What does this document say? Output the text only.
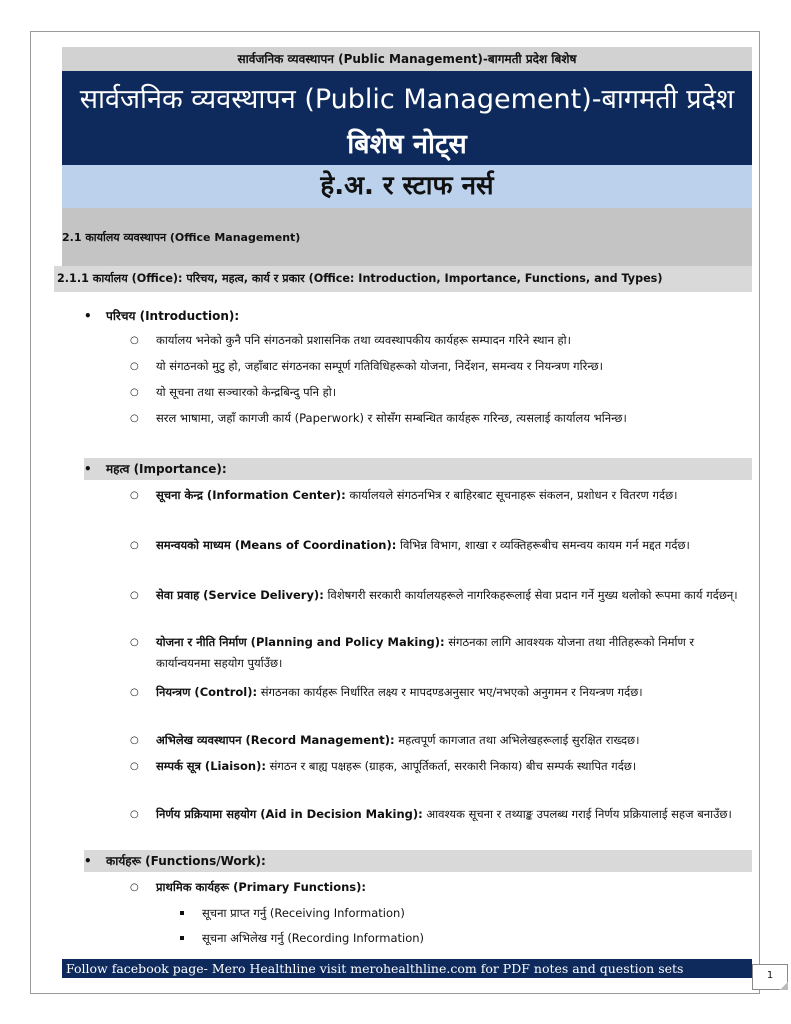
सार्वजनिक व्यवस्थापन (Public Management)-बागमती प्रदेश बिशेष
सार्वजनिक व्यवस्थापन (Public Management)-बागमती प्रदेश
बिशेष नोट्स
हे.अ. र स्टाफ नर्स
2.1 कार्यालय व्यवस्थापन (Office Management)
2.1.1 कार्यालय (Office): परिचय, महत्व, कार्य र प्रकार (Office: Introduction, Importance, Functions, and Types)
• परिचय (Introduction):
○ कार्यालय भनेको कुनै पनि संगठनको प्रशासनिक तथा व्यवस्थापकीय कार्यहरू सम्पादन गरिने स्थान हो।
○ यो संगठनको मुटु हो, जहाँबाट संगठनका सम्पूर्ण गतिविधिहरूको योजना, निर्देशन, समन्वय र नियन्त्रण गरिन्छ।
○ यो सूचना तथा सञ्चारको केन्द्रबिन्दु पनि हो।
○ सरल भाषामा, जहाँ कागजी कार्य (Paperwork) र सोसँग सम्बन्धित कार्यहरू गरिन्छ, त्यसलाई कार्यालय भनिन्छ।
• महत्व (Importance):
○ सूचना केन्द्र (Information Center): कार्यालयले संगठनभित्र र बाहिरबाट सूचनाहरू संकलन, प्रशोधन र वितरण गर्दछ।
○ समन्वयको माध्यम (Means of Coordination): विभिन्न विभाग, शाखा र व्यक्तिहरूबीच समन्वय कायम गर्न मद्दत गर्दछ।
○ सेवा प्रवाह (Service Delivery): विशेषगरी सरकारी कार्यालयहरूले नागरिकहरूलाई सेवा प्रदान गर्ने मुख्य थलोको रूपमा कार्य गर्दछन्।
○ योजना र नीति निर्माण (Planning and Policy Making): संगठनका लागि आवश्यक योजना तथा नीतिहरूको निर्माण र कार्यान्वयनमा सहयोग पुर्याउँछ।
○ नियन्त्रण (Control): संगठनका कार्यहरू निर्धारित लक्ष्य र मापदण्डअनुसार भए/नभएको अनुगमन र नियन्त्रण गर्दछ।
○ अभिलेख व्यवस्थापन (Record Management): महत्वपूर्ण कागजात तथा अभिलेखहरूलाई सुरक्षित राख्दछ।
○ सम्पर्क सूत्र (Liaison): संगठन र बाह्य पक्षहरू (ग्राहक, आपूर्तिकर्ता, सरकारी निकाय) बीच सम्पर्क स्थापित गर्दछ।
○ निर्णय प्रक्रियामा सहयोग (Aid in Decision Making): आवश्यक सूचना र तथ्याङ्क उपलब्ध गराई निर्णय प्रक्रियालाई सहज बनाउँछ।
• कार्यहरू (Functions/Work):
○ प्राथमिक कार्यहरू (Primary Functions):
सूचना प्राप्त गर्नु (Receiving Information)
सूचना अभिलेख गर्नु (Recording Information)
Follow facebook page- Mero Healthline visit merohealthline.com for PDF notes and question sets	1
